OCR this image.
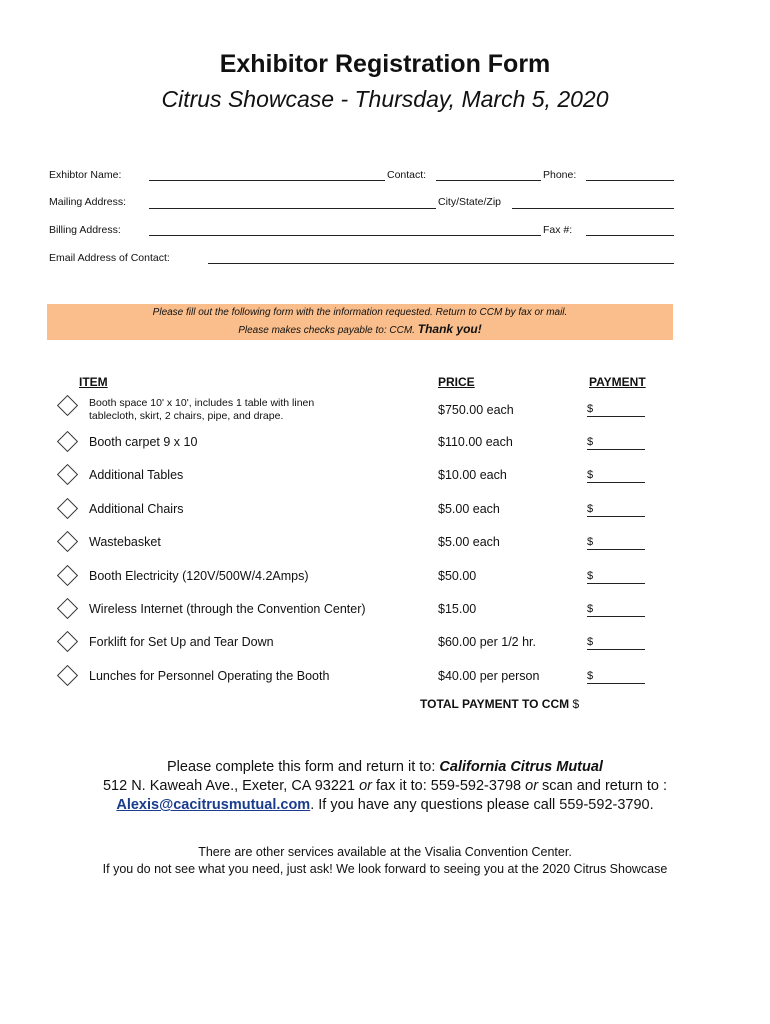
Exhibitor Registration Form
Citrus Showcase - Thursday, March 5, 2020
Exhibtor Name:	Contact:	Phone:
Mailing Address:	City/State/Zip
Billing Address:	Fax #:
Email Address of Contact:
Please fill out the following form with the information requested. Return to CCM by fax or mail.
Please makes checks payable to: CCM. Thank you!
ITEM	PRICE	PAYMENT
Booth space 10' x 10', includes 1 table with linen tablecloth, skirt, 2 chairs, pipe, and drape.	$750.00 each	$
Booth carpet 9 x 10	$110.00 each	$
Additional Tables	$10.00 each	$
Additional Chairs	$5.00 each	$
Wastebasket	$5.00 each	$
Booth Electricity (120V/500W/4.2Amps)	$50.00	$
Wireless Internet (through the Convention Center)	$15.00	$
Forklift for Set Up and Tear Down	$60.00 per 1/2 hr.	$
Lunches for Personnel Operating the Booth	$40.00 per person	$
TOTAL PAYMENT TO CCM $
Please complete this form and return it to: California Citrus Mutual
512 N. Kaweah Ave., Exeter, CA 93221 or fax it to: 559-592-3798 or scan and return to :
Alexis@cacitrusmutual.com. If you have any questions please call 559-592-3790.
There are other services available at the Visalia Convention Center.
If you do not see what you need, just ask! We look forward to seeing you at the 2020 Citrus Showcase
